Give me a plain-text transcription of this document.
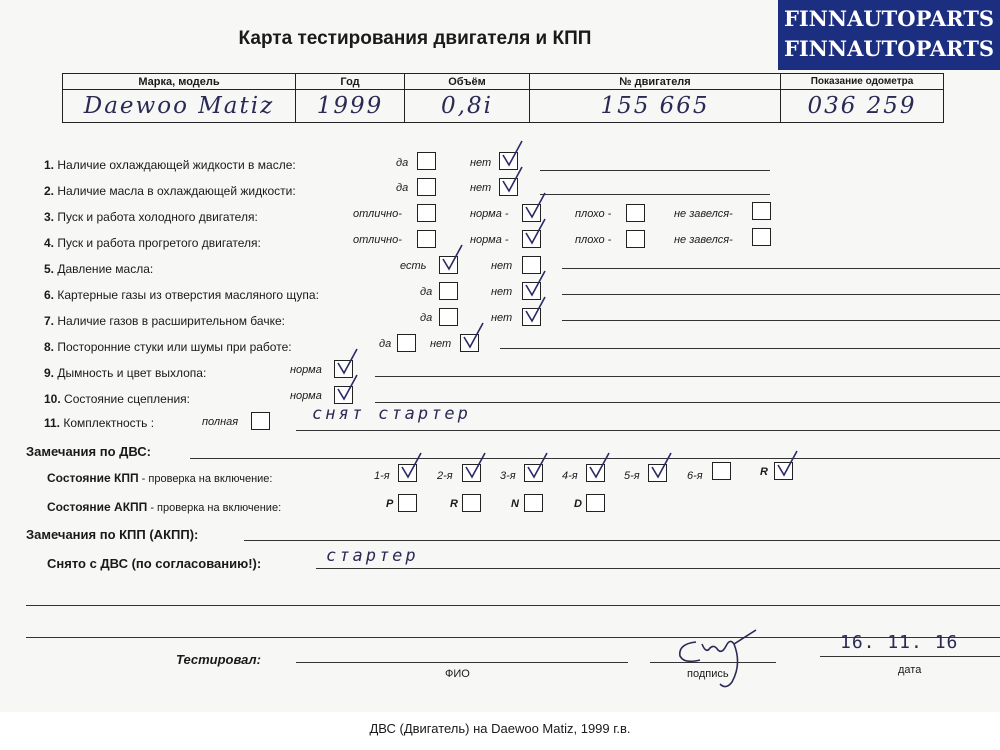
FINNAUTOPARTS
FINNAUTOPARTS
Карта тестирования двигателя и КПП
Марка, модель	Год	Объём	№ двигателя	Показание одометра
Daewoo Matiz	1999	0,8i	155 665	036 259
1. Наличие охлаждающей жидкости в масле:	да	нет
2. Наличие масла в охлаждающей жидкости:	да	нет
3. Пуск и работа холодного двигателя:	отлично-	норма -	плохо -	не завелся-
4. Пуск и работа прогретого двигателя:	отлично-	норма -	плохо -	не завелся-
5. Давление масла:	есть	нет
6. Картерные газы из отверстия масляного щупа:	да	нет
7. Наличие газов в расширительном бачке:	да	нет
8. Посторонние стуки или шумы при работе:	да	нет
9. Дымность и цвет выхлопа:	норма
10. Состояние сцепления:	норма
11. Комплектность :	полная	снят стартер
Замечания по ДВС:
Состояние КПП - проверка на включение:	1-я	2-я	3-я	4-я	5-я	6-я	R
Состояние АКПП - проверка на включение:	P	R	N	D
Замечания по КПП (АКПП):
Снято с ДВС (по согласованию!):	стартер
Тестировал:
ФИО	подпись
16. 11. 16
дата
ДВС (Двигатель) на Daewoo Matiz, 1999 г.в.
